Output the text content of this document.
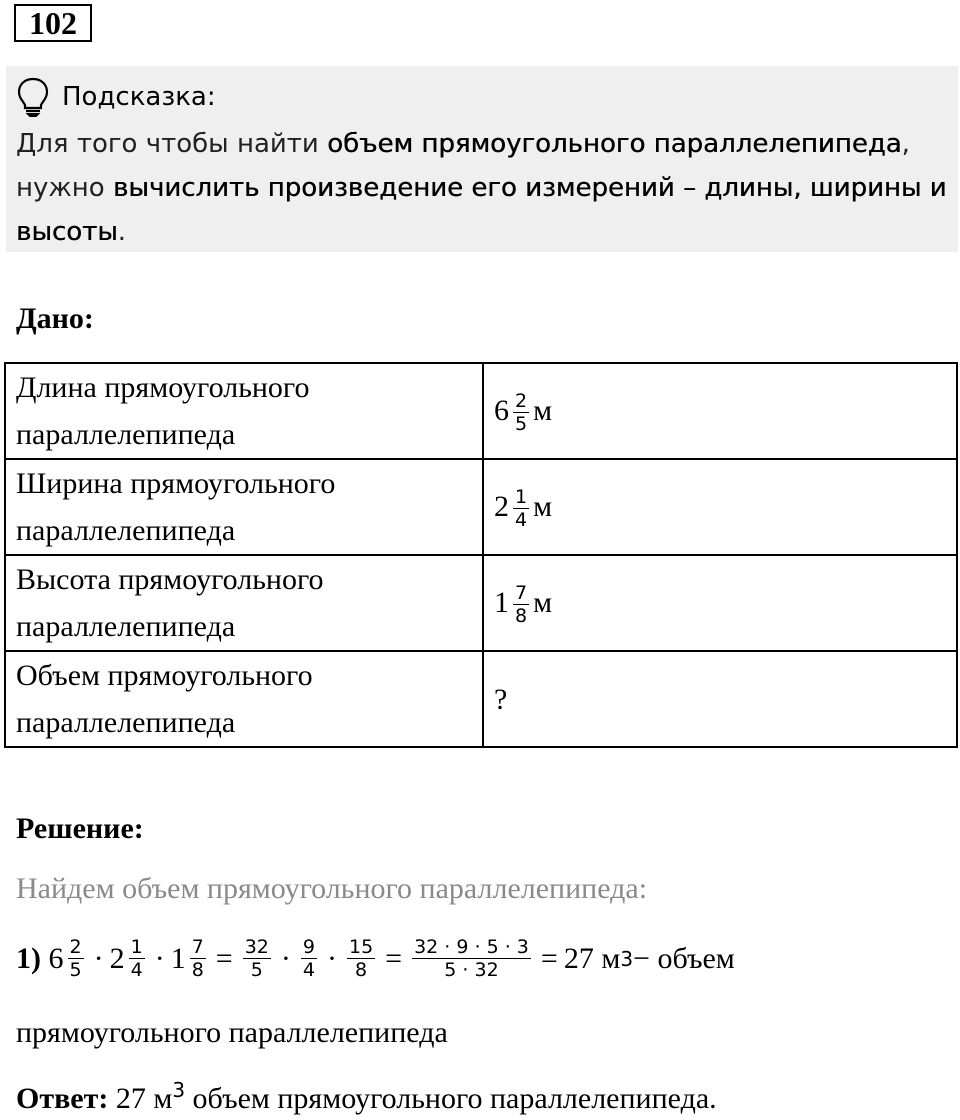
102
Подсказка:
Для того чтобы найти объем прямоугольного параллелепипеда, нужно вычислить произведение его измерений – длины, ширины и высоты.
Дано:
Длина прямоугольного параллелепипеда	$6 \frac{2}{5}$ м
Ширина прямоугольного параллелепипеда	$2 \frac{1}{4}$ м
Высота прямоугольного параллелепипеда	$1 \frac{7}{8}$ м
Объем прямоугольного параллелепипеда	?
Решение:
Найдем объем прямоугольного параллелепипеда:
1)
$6 \frac{2}{5} \cdot 2 \frac{1}{4} \cdot 1 \frac{7}{8} = \frac{32}{5} \cdot \frac{9}{4} \cdot \frac{15}{8} = \frac{32 \cdot 9 \cdot 5 \cdot 3}{5 \cdot 32} = 27$ м 3 − объем
прямоугольного параллелепипеда
Ответ: 27 $м^3$ объем прямоугольного параллелепипеда.
